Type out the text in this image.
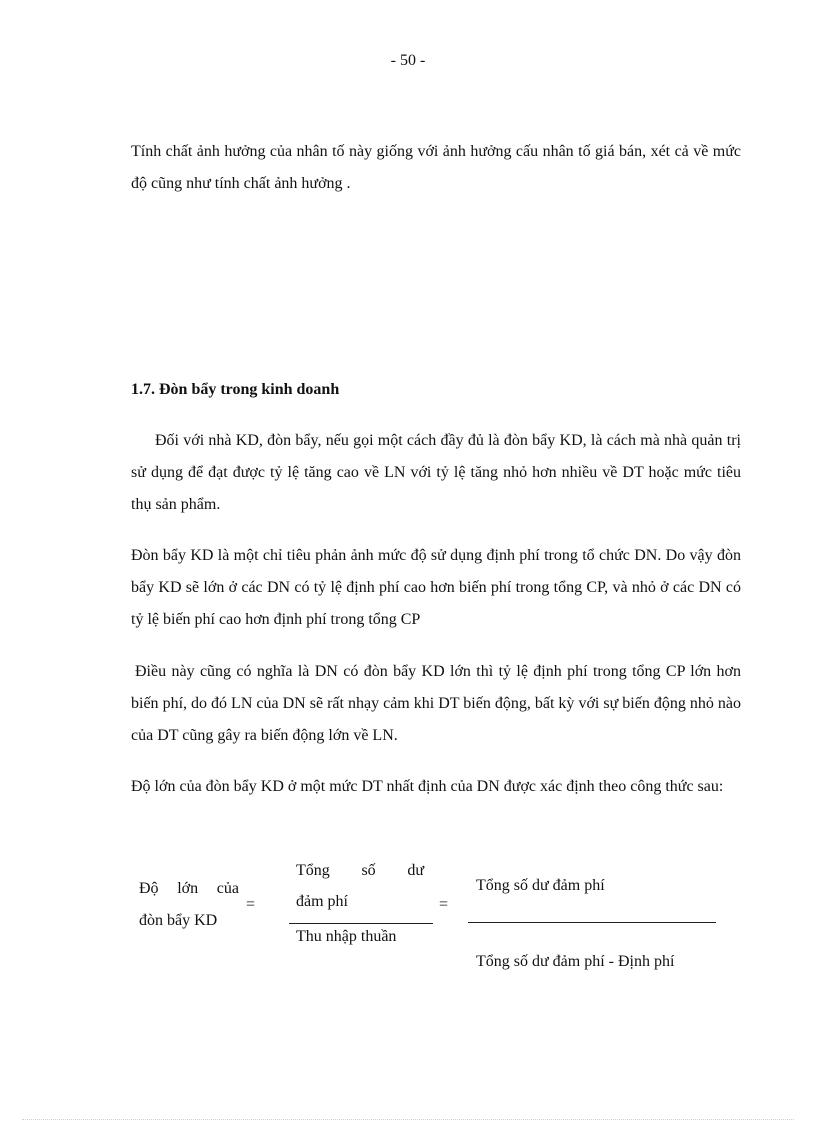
- 50 -

Tính chất ảnh hưởng của nhân tố này giống với ảnh hưởng cấu nhân tố giá bán, xét cả về mức độ cũng như tính chất ảnh hưởng .

1.7. Đòn bẩy trong kinh doanh

Đối với nhà KD, đòn bẩy, nếu gọi một cách đầy đủ là đòn bẩy KD, là cách mà nhà quản trị sử dụng để đạt được tỷ lệ tăng cao về LN với tỷ lệ tăng nhỏ hơn nhiều về DT hoặc mức tiêu thụ sản phẩm.

Đòn bẩy KD là một chỉ tiêu phản ảnh mức độ sử dụng định phí trong tổ chức DN. Do vậy đòn bẩy KD sẽ lớn ở các DN có tỷ lệ định phí cao hơn biến phí trong tổng CP, và nhỏ ở các DN có tỷ lệ biến phí cao hơn định phí trong tổng CP

Điều này cũng có nghĩa là DN có đòn bẩy KD lớn thì tỷ lệ định phí trong tổng CP lớn hơn biến phí, do đó LN của DN sẽ rất nhạy cảm khi DT biến động, bất kỳ với sự biến động nhỏ nào của DT cũng gây ra biến động lớn về LN.

Độ lớn của đòn bẩy KD ở một mức DT nhất định của DN được xác định theo công thức sau:

Độ lớn của
đòn bẩy KD
=
Tổng số dư
đảm phí
Thu nhập thuần
=
Tổng số dư đảm phí
Tổng số dư đảm phí - Định phí
